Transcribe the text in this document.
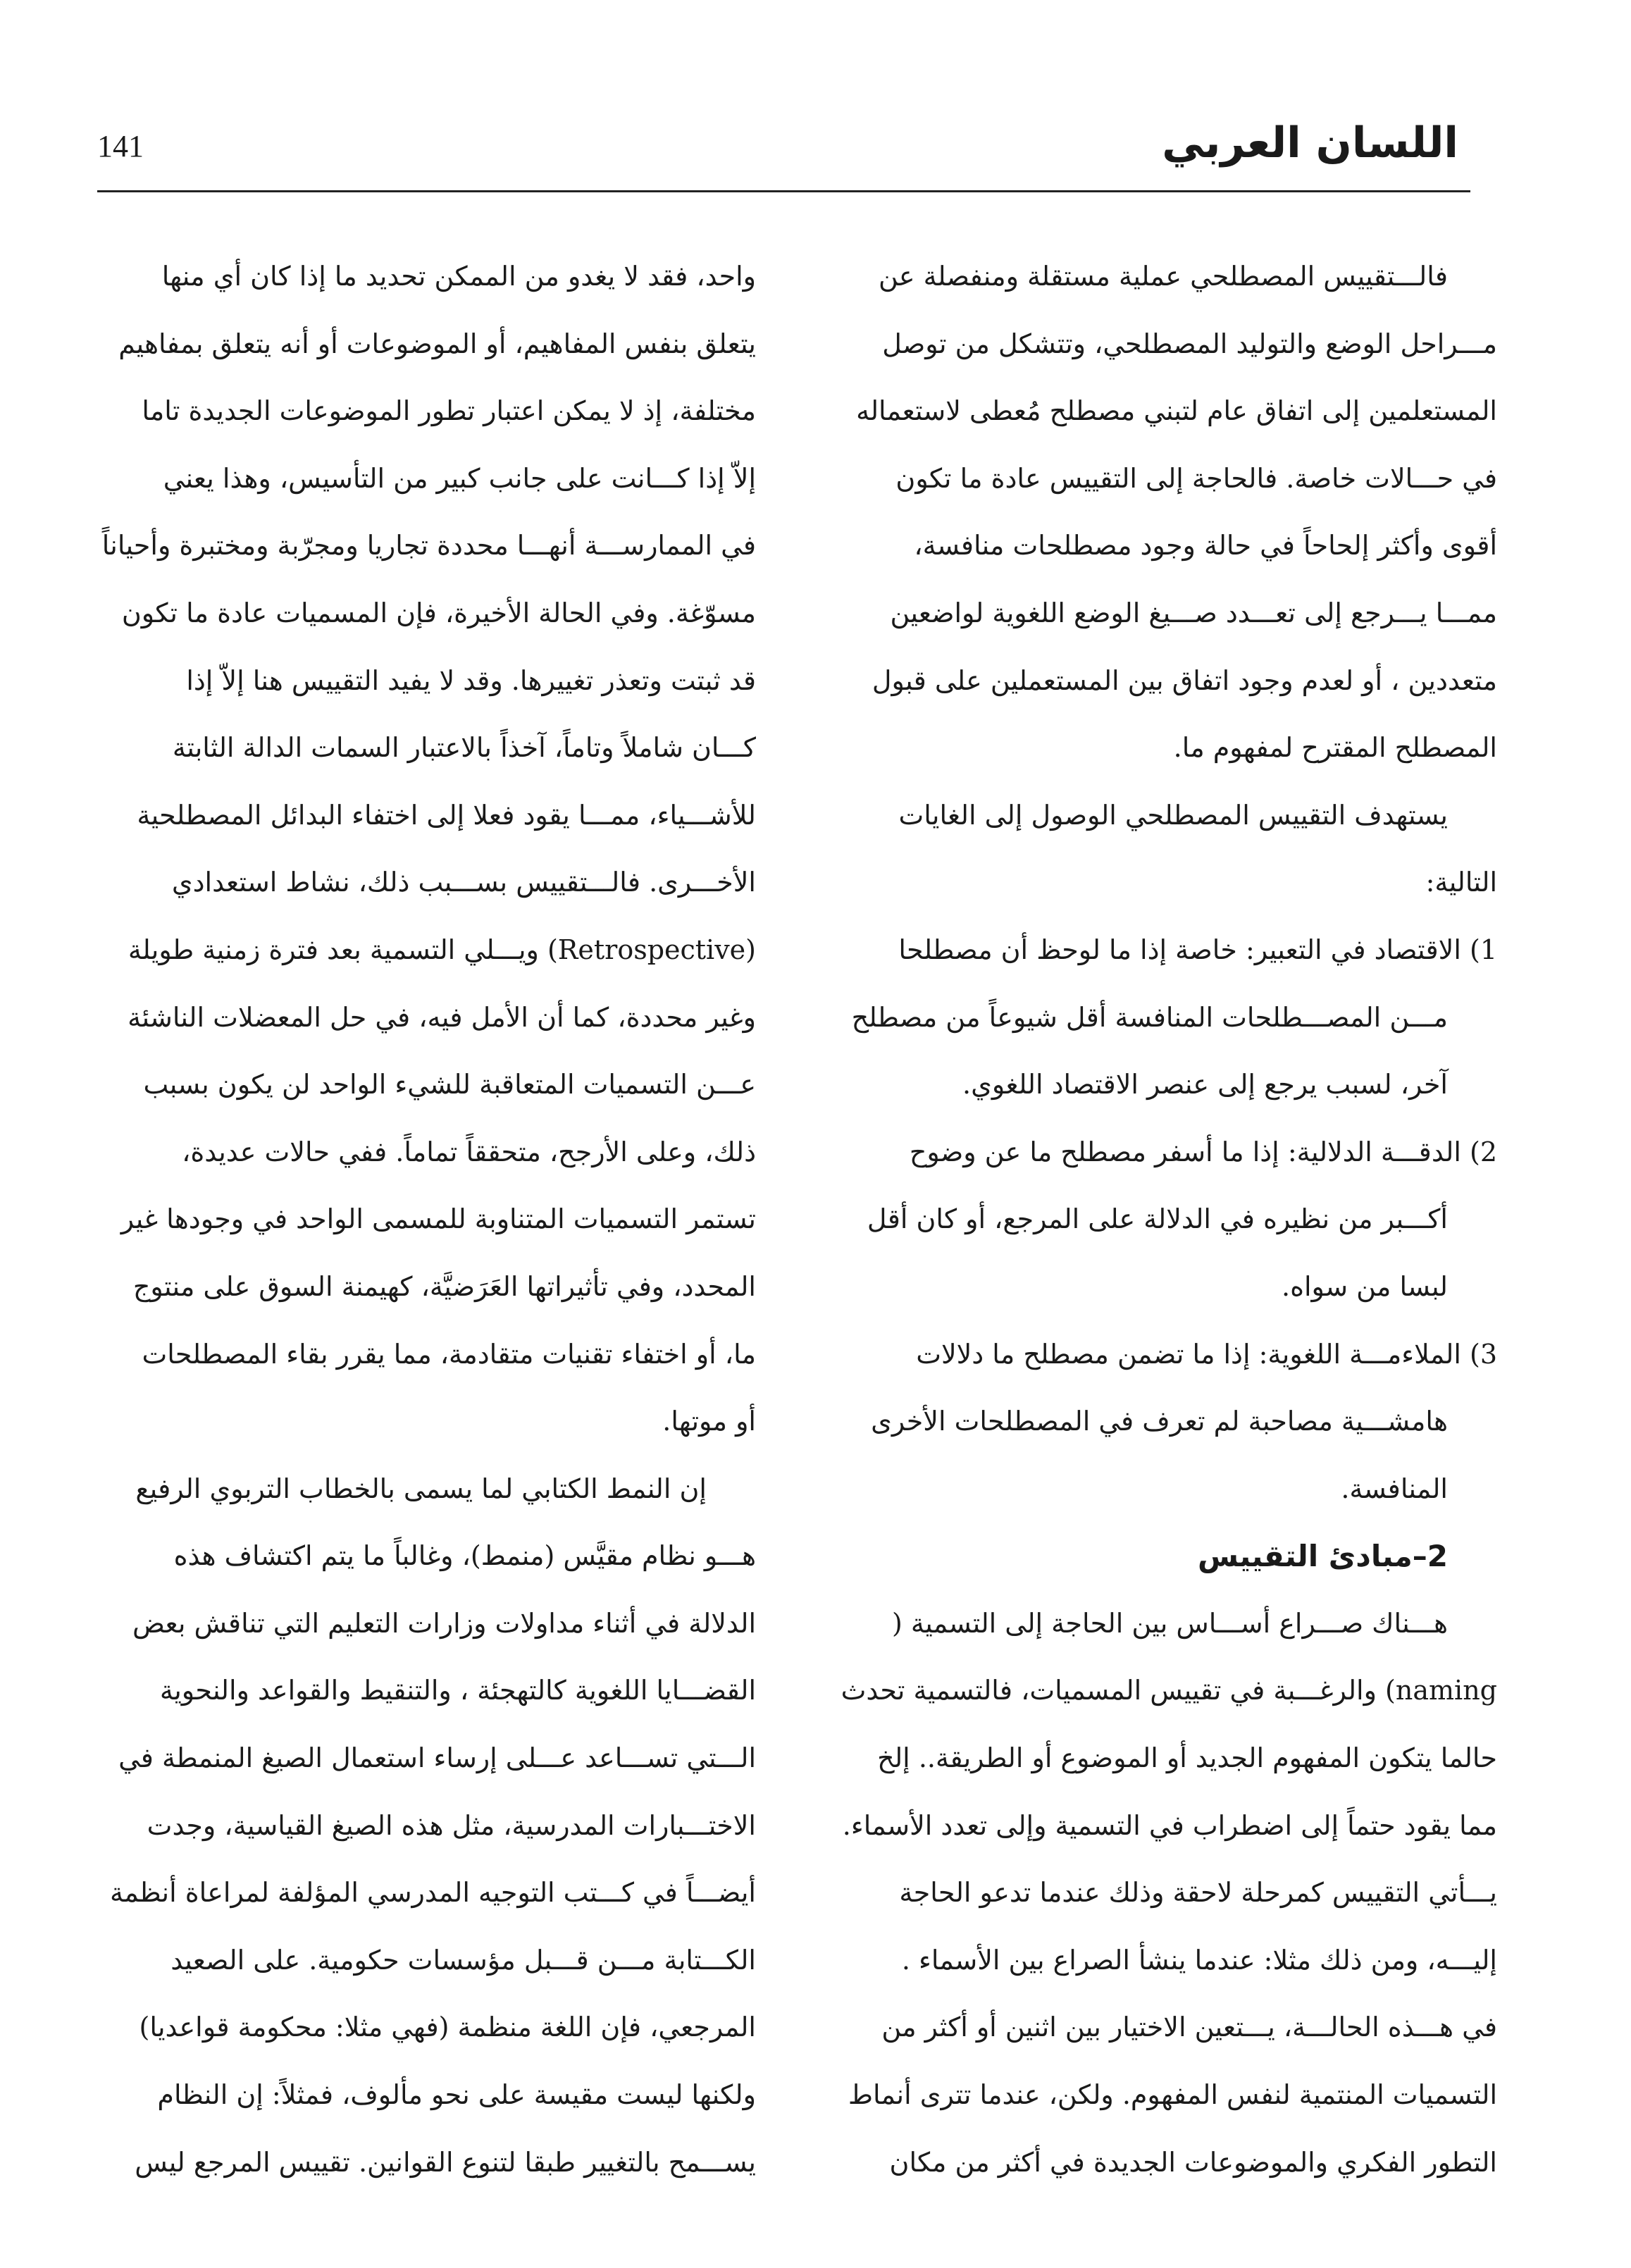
141	اللسان العربي
فالـــتقييس المصطلحي عملية مستقلة ومنفصلة عن
مـــراحل الوضع والتوليد المصطلحي، وتتشكل من توصل
المستعلمين إلى اتفاق عام لتبني مصطلح مُعطى لاستعماله
في حـــالات خاصة. فالحاجة إلى التقييس عادة ما تكون
أقوى وأكثر إلحاحاً في حالة وجود مصطلحات منافسة،
ممـــا يـــرجع إلى تعـــدد صـــيغ الوضع اللغوية لواضعين
متعددين ، أو لعدم وجود اتفاق بين المستعملين على قبول
المصطلح المقترح لمفهوم ما.
يستهدف التقييس المصطلحي الوصول إلى الغايات
التالية:
1) الاقتصاد في التعبير: خاصة إذا ما لوحظ أن مصطلحا
مـــن المصـــطلحات المنافسة أقل شيوعاً من مصطلح
آخر، لسبب يرجع إلى عنصر الاقتصاد اللغوي.
2) الدقـــة الدلالية: إذا ما أسفر مصطلح ما عن وضوح
أكـــبر من نظيره في الدلالة على المرجع، أو كان أقل
لبسا من سواه.
3) الملاءمـــة اللغوية: إذا ما تضمن مصطلح ما دلالات
هامشـــية مصاحبة لم تعرف في المصطلحات الأخرى
المنافسة.
2–مبادئ التقييس
هـــناك صـــراع أســـاس بين الحاجة إلى التسمية (
naming) والرغـــبة في تقييس المسميات، فالتسمية تحدث
حالما يتكون المفهوم الجديد أو الموضوع أو الطريقة.. إلخ
مما يقود حتماً إلى اضطراب في التسمية وإلى تعدد الأسماء.
يـــأتي التقييس كمرحلة لاحقة وذلك عندما تدعو الحاجة
إليـــه، ومن ذلك مثلا: عندما ينشأ الصراع بين الأسماء .
في هـــذه الحالـــة، يـــتعين الاختيار بين اثنين أو أكثر من
التسميات المنتمية لنفس المفهوم. ولكن، عندما تترى أنماط
التطور الفكري والموضوعات الجديدة في أكثر من مكان
واحد، فقد لا يغدو من الممكن تحديد ما إذا كان أي منها
يتعلق بنفس المفاهيم، أو الموضوعات أو أنه يتعلق بمفاهيم
مختلفة، إذ لا يمكن اعتبار تطور الموضوعات الجديدة تاما
إلاّ إذا كـــانت على جانب كبير من التأسيس، وهذا يعني
في الممارســـة أنهـــا محددة تجاريا ومجرّبة ومختبرة وأحياناً
مسوّغة. وفي الحالة الأخيرة، فإن المسميات عادة ما تكون
قد ثبتت وتعذر تغييرها. وقد لا يفيد التقييس هنا إلاّ إذا
كـــان شاملاً وتاماً، آخذاً بالاعتبار السمات الدالة الثابتة
للأشـــياء، ممـــا يقود فعلا إلى اختفاء البدائل المصطلحية
الأخـــرى. فالـــتقييس بســـبب ذلك، نشاط استعدادي
(Retrospective) ويـــلي التسمية بعد فترة زمنية طويلة
وغير محددة، كما أن الأمل فيه، في حل المعضلات الناشئة
عـــن التسميات المتعاقبة للشيء الواحد لن يكون بسبب
ذلك، وعلى الأرجح، متحققاً تماماً. ففي حالات عديدة،
تستمر التسميات المتناوبة للمسمى الواحد في وجودها غير
المحدد، وفي تأثيراتها العَرَضيَّة، كهيمنة السوق على منتوج
ما، أو اختفاء تقنيات متقادمة، مما يقرر بقاء المصطلحات
أو موتها.
إن النمط الكتابي لما يسمى بالخطاب التربوي الرفيع
هـــو نظام مقيَّس (منمط)، وغالباً ما يتم اكتشاف هذه
الدلالة في أثناء مداولات وزارات التعليم التي تناقش بعض
القضـــايا اللغوية كالتهجئة ، والتنقيط والقواعد والنحوية
الـــتي تســـاعد عـــلى إرساء استعمال الصيغ المنمطة في
الاختـــبارات المدرسية، مثل هذه الصيغ القياسية، وجدت
أيضـــاً في كـــتب التوجيه المدرسي المؤلفة لمراعاة أنظمة
الكـــتابة مـــن قـــبل مؤسسات حكومية. على الصعيد
المرجعي، فإن اللغة منظمة (فهي مثلا: محكومة قواعديا)
ولكنها ليست مقيسة على نحو مألوف، فمثلاً: إن النظام
يســـمح بالتغيير طبقا لتنوع القوانين. تقييس المرجع ليس
